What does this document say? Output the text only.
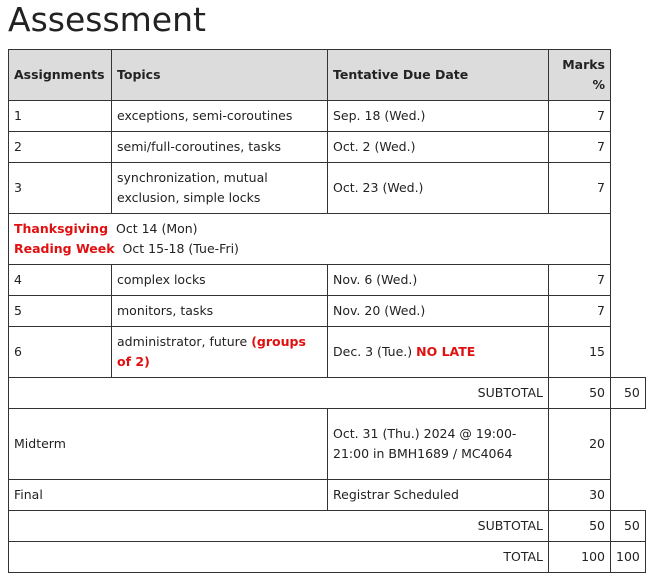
Assessment
Assignments	Topics	Tentative Due Date	Marks %	
1	exceptions, semi-coroutines	Sep. 18 (Wed.)	7	
2	semi/full-coroutines, tasks	Oct. 2 (Wed.)	7	
3	synchronization, mutual exclusion, simple locks	Oct. 23 (Wed.)	7	

Thanksgiving Oct 14 (Mon)
Reading Week Oct 15-18 (Tue-Fri)				

4	complex locks	Nov. 6 (Wed.)	7	
5	monitors, tasks	Nov. 20 (Wed.)	7	
6	administrator, future (groups of 2)	Dec. 3 (Tue.) NO LATE	15	
SUBTOTAL			50	50
Midterm		Oct. 31 (Thu.) 2024 @ 19:00-21:00 in BMH1689 / MC4064	20	
Final		Registrar Scheduled	30	
SUBTOTAL			50	50
TOTAL			100	100
